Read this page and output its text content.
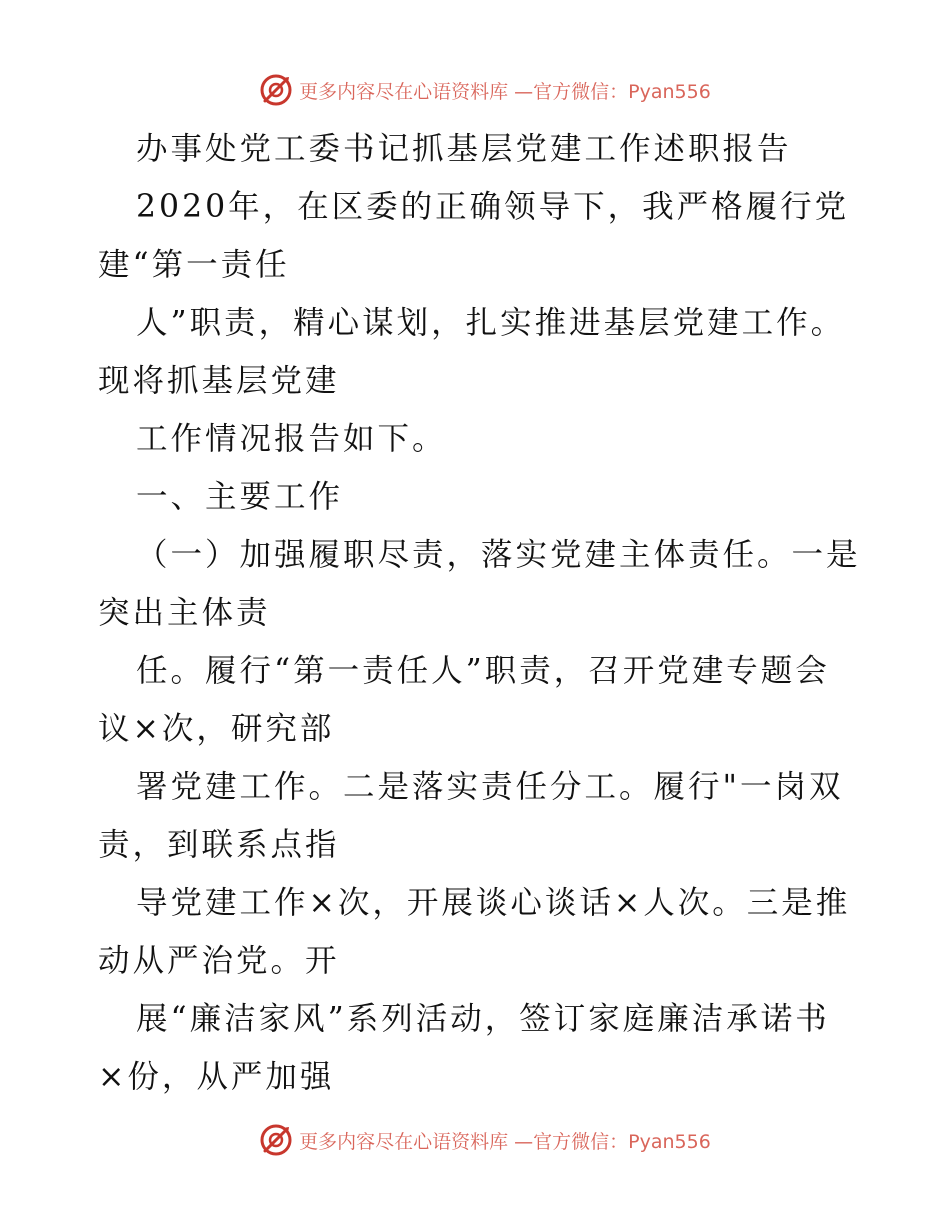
更多内容尽在心语资料库 —官方微信：Pyan556
办事处党工委书记抓基层党建工作述职报告
2020年，在区委的正确领导下，我严格履行党
建“第一责任
人”职责，精心谋划，扎实推进基层党建工作。
现将抓基层党建
工作情况报告如下。
一、主要工作
（一）加强履职尽责，落实党建主体责任。一是
突出主体责
任。履行“第一责任人”职责，召开党建专题会
议×次，研究部
署党建工作。二是落实责任分工。履行"一岗双
责，到联系点指
导党建工作×次，开展谈心谈话×人次。三是推
动从严治党。开
展“廉洁家风”系列活动，签订家庭廉洁承诺书
×份，从严加强
更多内容尽在心语资料库 —官方微信：Pyan556
